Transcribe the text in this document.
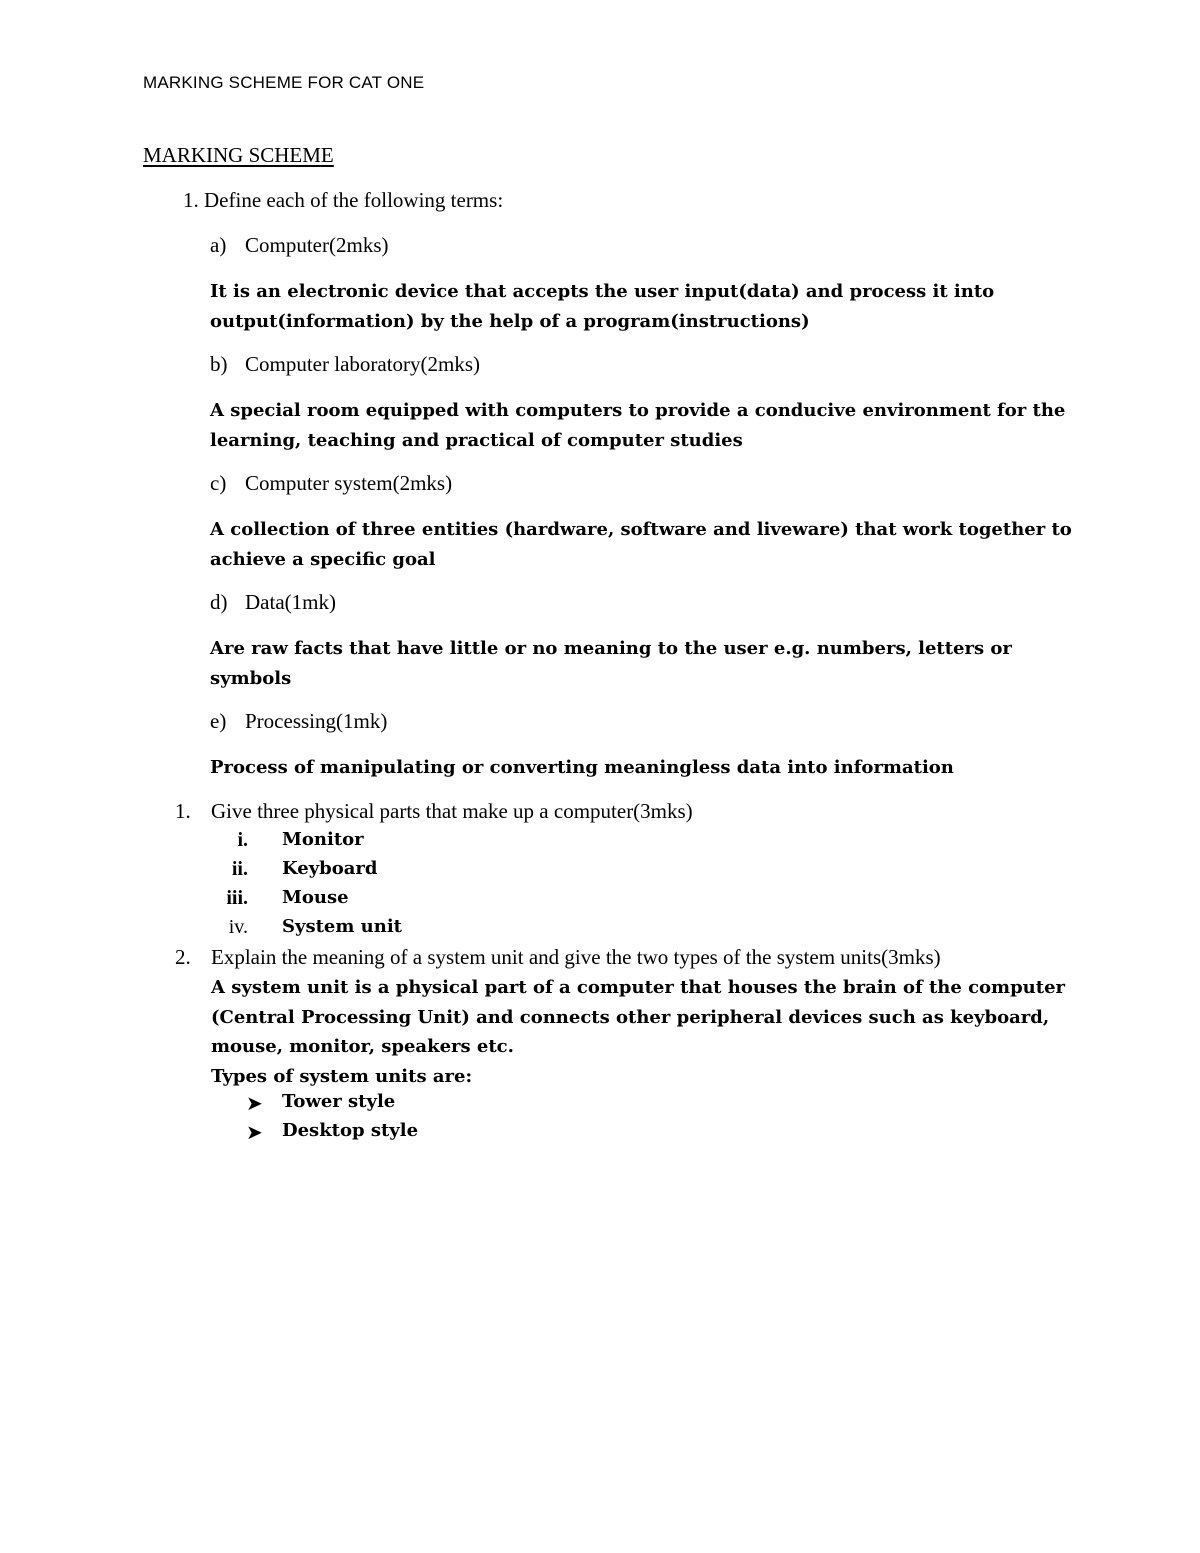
MARKING SCHEME FOR CAT ONE
MARKING SCHEME
1. Define each of the following terms:
a) Computer(2mks)
It is an electronic device that accepts the user input(data) and process it into
output(information) by the help of a program(instructions)
b) Computer laboratory(2mks)
A special room equipped with computers to provide a conducive environment for the
learning, teaching and practical of computer studies
c) Computer system(2mks)
A collection of three entities (hardware, software and liveware) that work together to
achieve a specific goal
d) Data(1mk)
Are raw facts that have little or no meaning to the user e.g. numbers, letters or
symbols
e) Processing(1mk)
Process of manipulating or converting meaningless data into information
1. Give three physical parts that make up a computer(3mks)
i. Monitor
ii. Keyboard
iii. Mouse
iv. System unit
2. Explain the meaning of a system unit and give the two types of the system units(3mks)
A system unit is a physical part of a computer that houses the brain of the computer
(Central Processing Unit) and connects other peripheral devices such as keyboard,
mouse, monitor, speakers etc.
Types of system units are:
➤ Tower style
➤ Desktop style
